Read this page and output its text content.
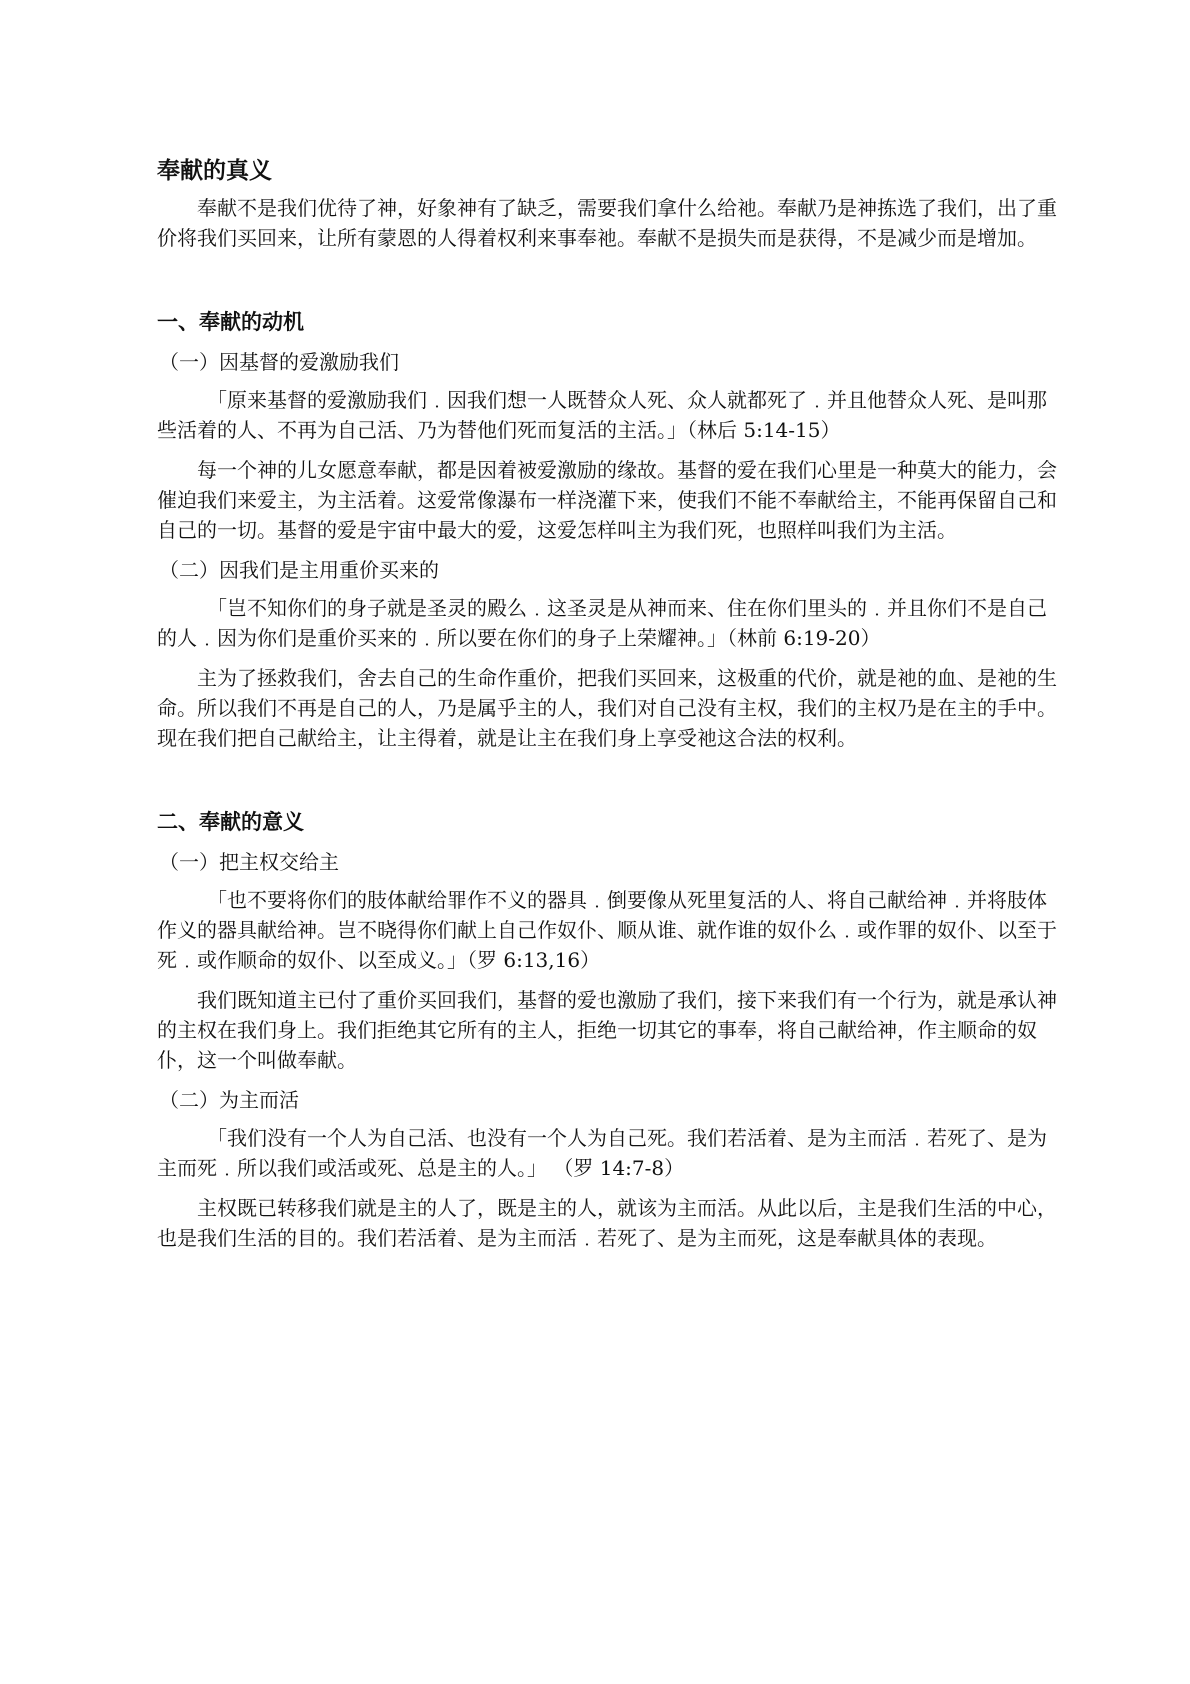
奉献的真义

奉献不是我们优待了神，好象神有了缺乏，需要我们拿什么给祂。奉献乃是神拣选了我们，出了重价将我们买回来，让所有蒙恩的人得着权利来事奉祂。奉献不是损失而是获得，不是减少而是增加。

一、奉献的动机
（一）因基督的爱激励我们

「原来基督的爱激励我们﹒因我们想一人既替众人死、众人就都死了﹒并且他替众人死、是叫那些活着的人、不再为自己活、乃为替他们死而复活的主活。」（林后 5:14-15）

每一个神的儿女愿意奉献，都是因着被爱激励的缘故。基督的爱在我们心里是一种莫大的能力，会催迫我们来爱主，为主活着。这爱常像瀑布一样浇灌下来，使我们不能不奉献给主，不能再保留自己和自己的一切。基督的爱是宇宙中最大的爱，这爱怎样叫主为我们死，也照样叫我们为主活。

（二）因我们是主用重价买来的

「岂不知你们的身子就是圣灵的殿么﹒这圣灵是从神而来、住在你们里头的﹒并且你们不是自己的人﹒因为你们是重价买来的﹒所以要在你们的身子上荣耀神。」（林前 6:19-20）

主为了拯救我们，舍去自己的生命作重价，把我们买回来，这极重的代价，就是祂的血、是祂的生命。所以我们不再是自己的人，乃是属乎主的人，我们对自己没有主权，我们的主权乃是在主的手中。现在我们把自己献给主，让主得着，就是让主在我们身上享受祂这合法的权利。

二、奉献的意义
（一）把主权交给主

「也不要将你们的肢体献给罪作不义的器具﹒倒要像从死里复活的人、将自己献给神﹒并将肢体作义的器具献给神。岂不晓得你们献上自己作奴仆、顺从谁、就作谁的奴仆么﹒或作罪的奴仆、以至于死﹒或作顺命的奴仆、以至成义。」（罗 6:13,16）

我们既知道主已付了重价买回我们，基督的爱也激励了我们，接下来我们有一个行为，就是承认神的主权在我们身上。我们拒绝其它所有的主人，拒绝一切其它的事奉，将自己献给神，作主顺命的奴仆，这一个叫做奉献。

（二）为主而活

「我们没有一个人为自己活、也没有一个人为自己死。我们若活着、是为主而活﹒若死了、是为主而死﹒所以我们或活或死、总是主的人。」 （罗 14:7-8）

主权既已转移我们就是主的人了，既是主的人，就该为主而活。从此以后，主是我们生活的中心，也是我们生活的目的。我们若活着、是为主而活﹒若死了、是为主而死，这是奉献具体的表现。
